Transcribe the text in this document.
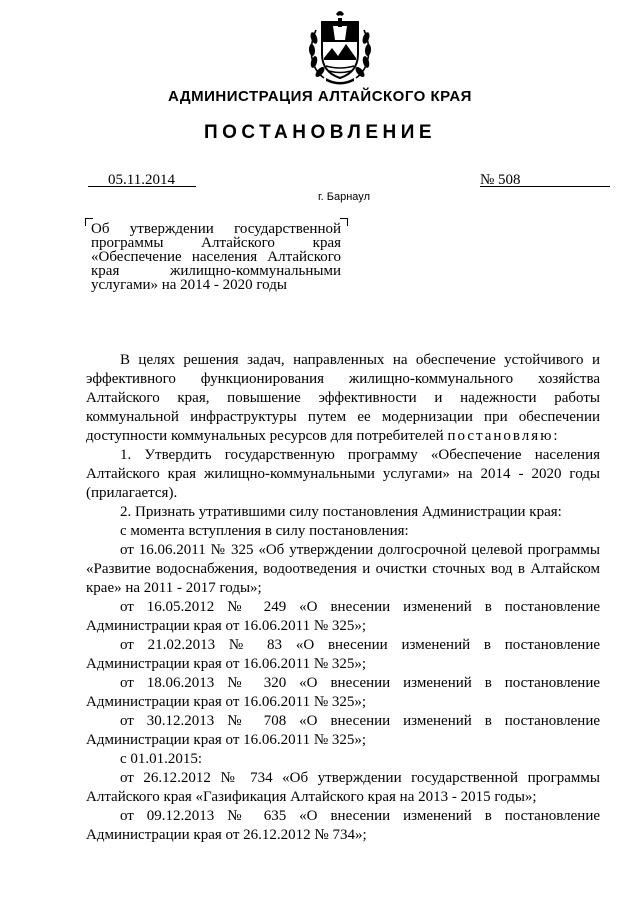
АДМИНИСТРАЦИЯ АЛТАЙСКОГО КРАЯ
ПОСТАНОВЛЕНИЕ
05.11.2014	№ 508
г. Барнаул
Об утверждении государственной программы Алтайского края «Обеспечение населения Алтайского края жилищно-коммунальными услугами» на 2014 - 2020 годы

В целях решения задач, направленных на обеспечение устойчивого и эффективного функционирования жилищно-коммунального хозяйства Алтайского края, повышение эффективности и надежности работы коммунальной инфраструктуры путем ее модернизации при обеспечении доступности коммунальных ресурсов для потребителей постановляю:

1. Утвердить государственную программу «Обеспечение населения Алтайского края жилищно-коммунальными услугами» на 2014 - 2020 годы (прилагается).

2. Признать утратившими силу постановления Администрации края:

с момента вступления в силу постановления:

от 16.06.2011 № 325 «Об утверждении долгосрочной целевой программы «Развитие водоснабжения, водоотведения и очистки сточных вод в Алтайском крае» на 2011 - 2017 годы»;

от 16.05.2012 № 249 «О внесении изменений в постановление Администрации края от 16.06.2011 № 325»;

от 21.02.2013 № 83 «О внесении изменений в постановление Администрации края от 16.06.2011 № 325»;

от 18.06.2013 № 320 «О внесении изменений в постановление Администрации края от 16.06.2011 № 325»;

от 30.12.2013 № 708 «О внесении изменений в постановление Администрации края от 16.06.2011 № 325»;

с 01.01.2015:

от 26.12.2012 № 734 «Об утверждении государственной программы Алтайского края «Газификация Алтайского края на 2013 - 2015 годы»;

от 09.12.2013 № 635 «О внесении изменений в постановление Администрации края от 26.12.2012 № 734»;
